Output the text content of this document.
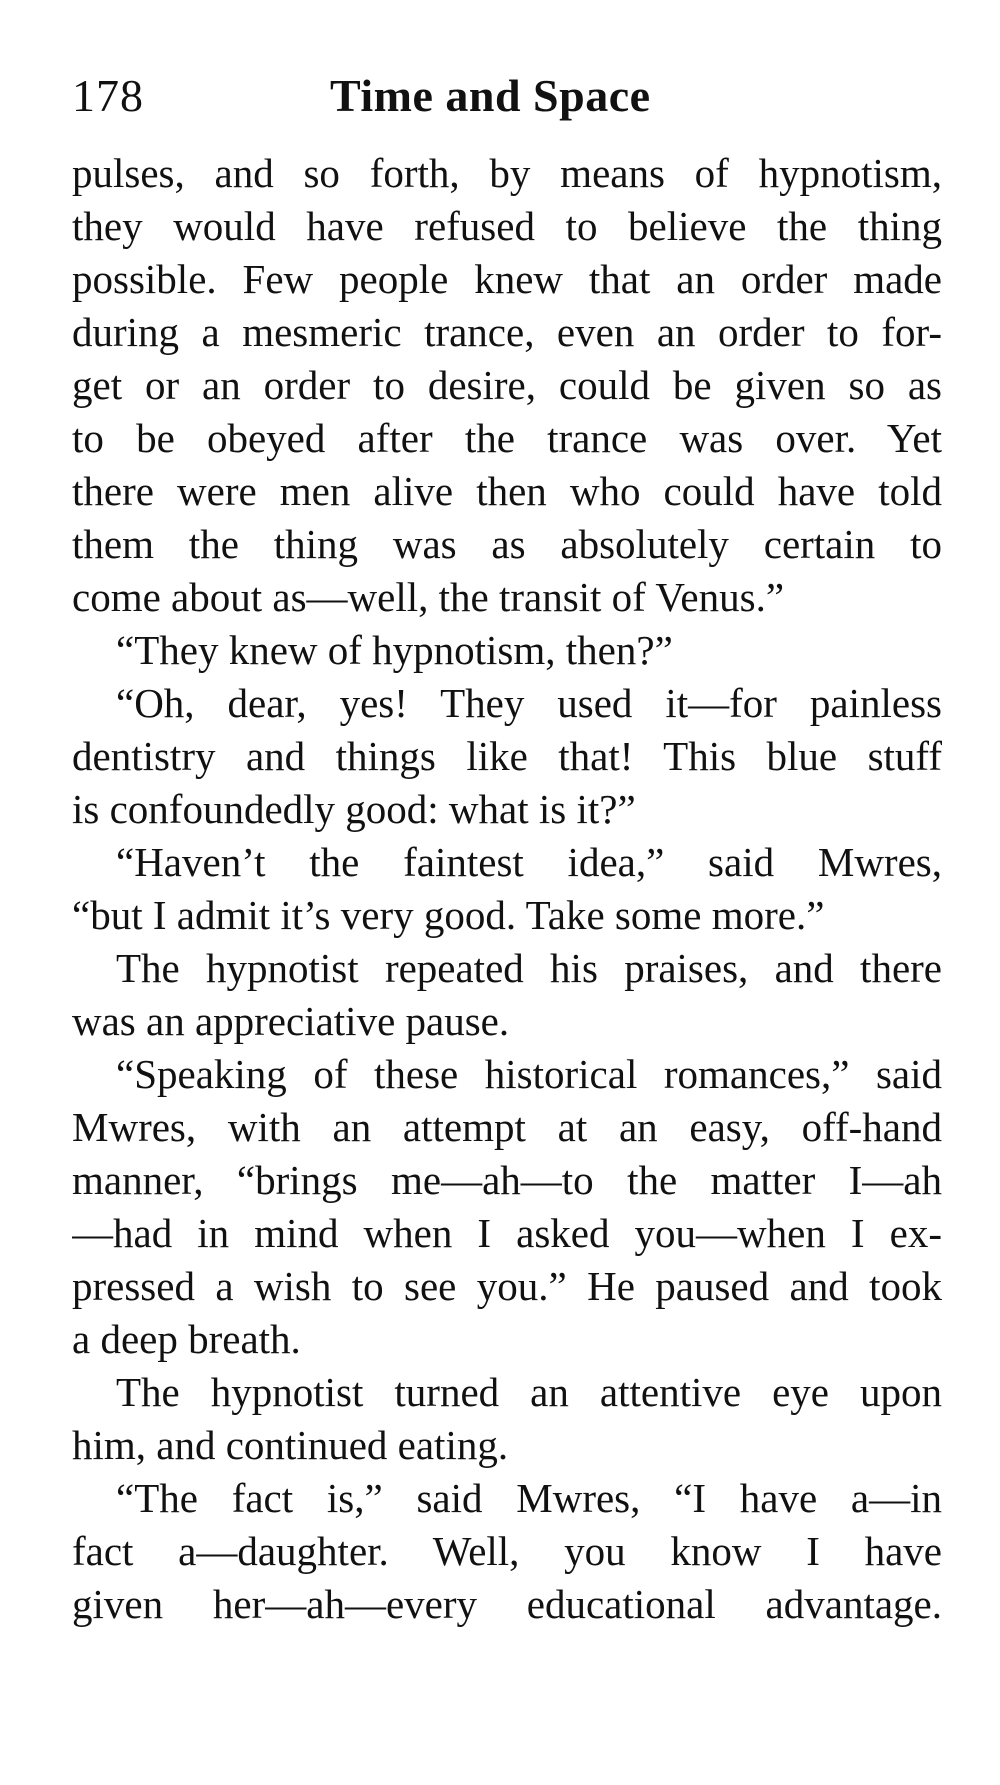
178	Time and Space
pulses, and so forth, by means of hypnotism,
they would have refused to believe the thing
possible. Few people knew that an order made
during a mesmeric trance, even an order to for-
get or an order to desire, could be given so as
to be obeyed after the trance was over. Yet
there were men alive then who could have told
them the thing was as absolutely certain to
come about as—well, the transit of Venus.”
“They knew of hypnotism, then?”
“Oh, dear, yes! They used it—for painless
dentistry and things like that! This blue stuff
is confoundedly good: what is it?”
“Haven’t the faintest idea,” said Mwres,
“but I admit it’s very good. Take some more.”
The hypnotist repeated his praises, and there
was an appreciative pause.
“Speaking of these historical romances,” said
Mwres, with an attempt at an easy, off-hand
manner, “brings me—ah—to the matter I—ah
—had in mind when I asked you—when I ex-
pressed a wish to see you.” He paused and took
a deep breath.
The hypnotist turned an attentive eye upon
him, and continued eating.
“The fact is,” said Mwres, “I have a—in
fact a—daughter. Well, you know I have
given her—ah—every educational advantage.
